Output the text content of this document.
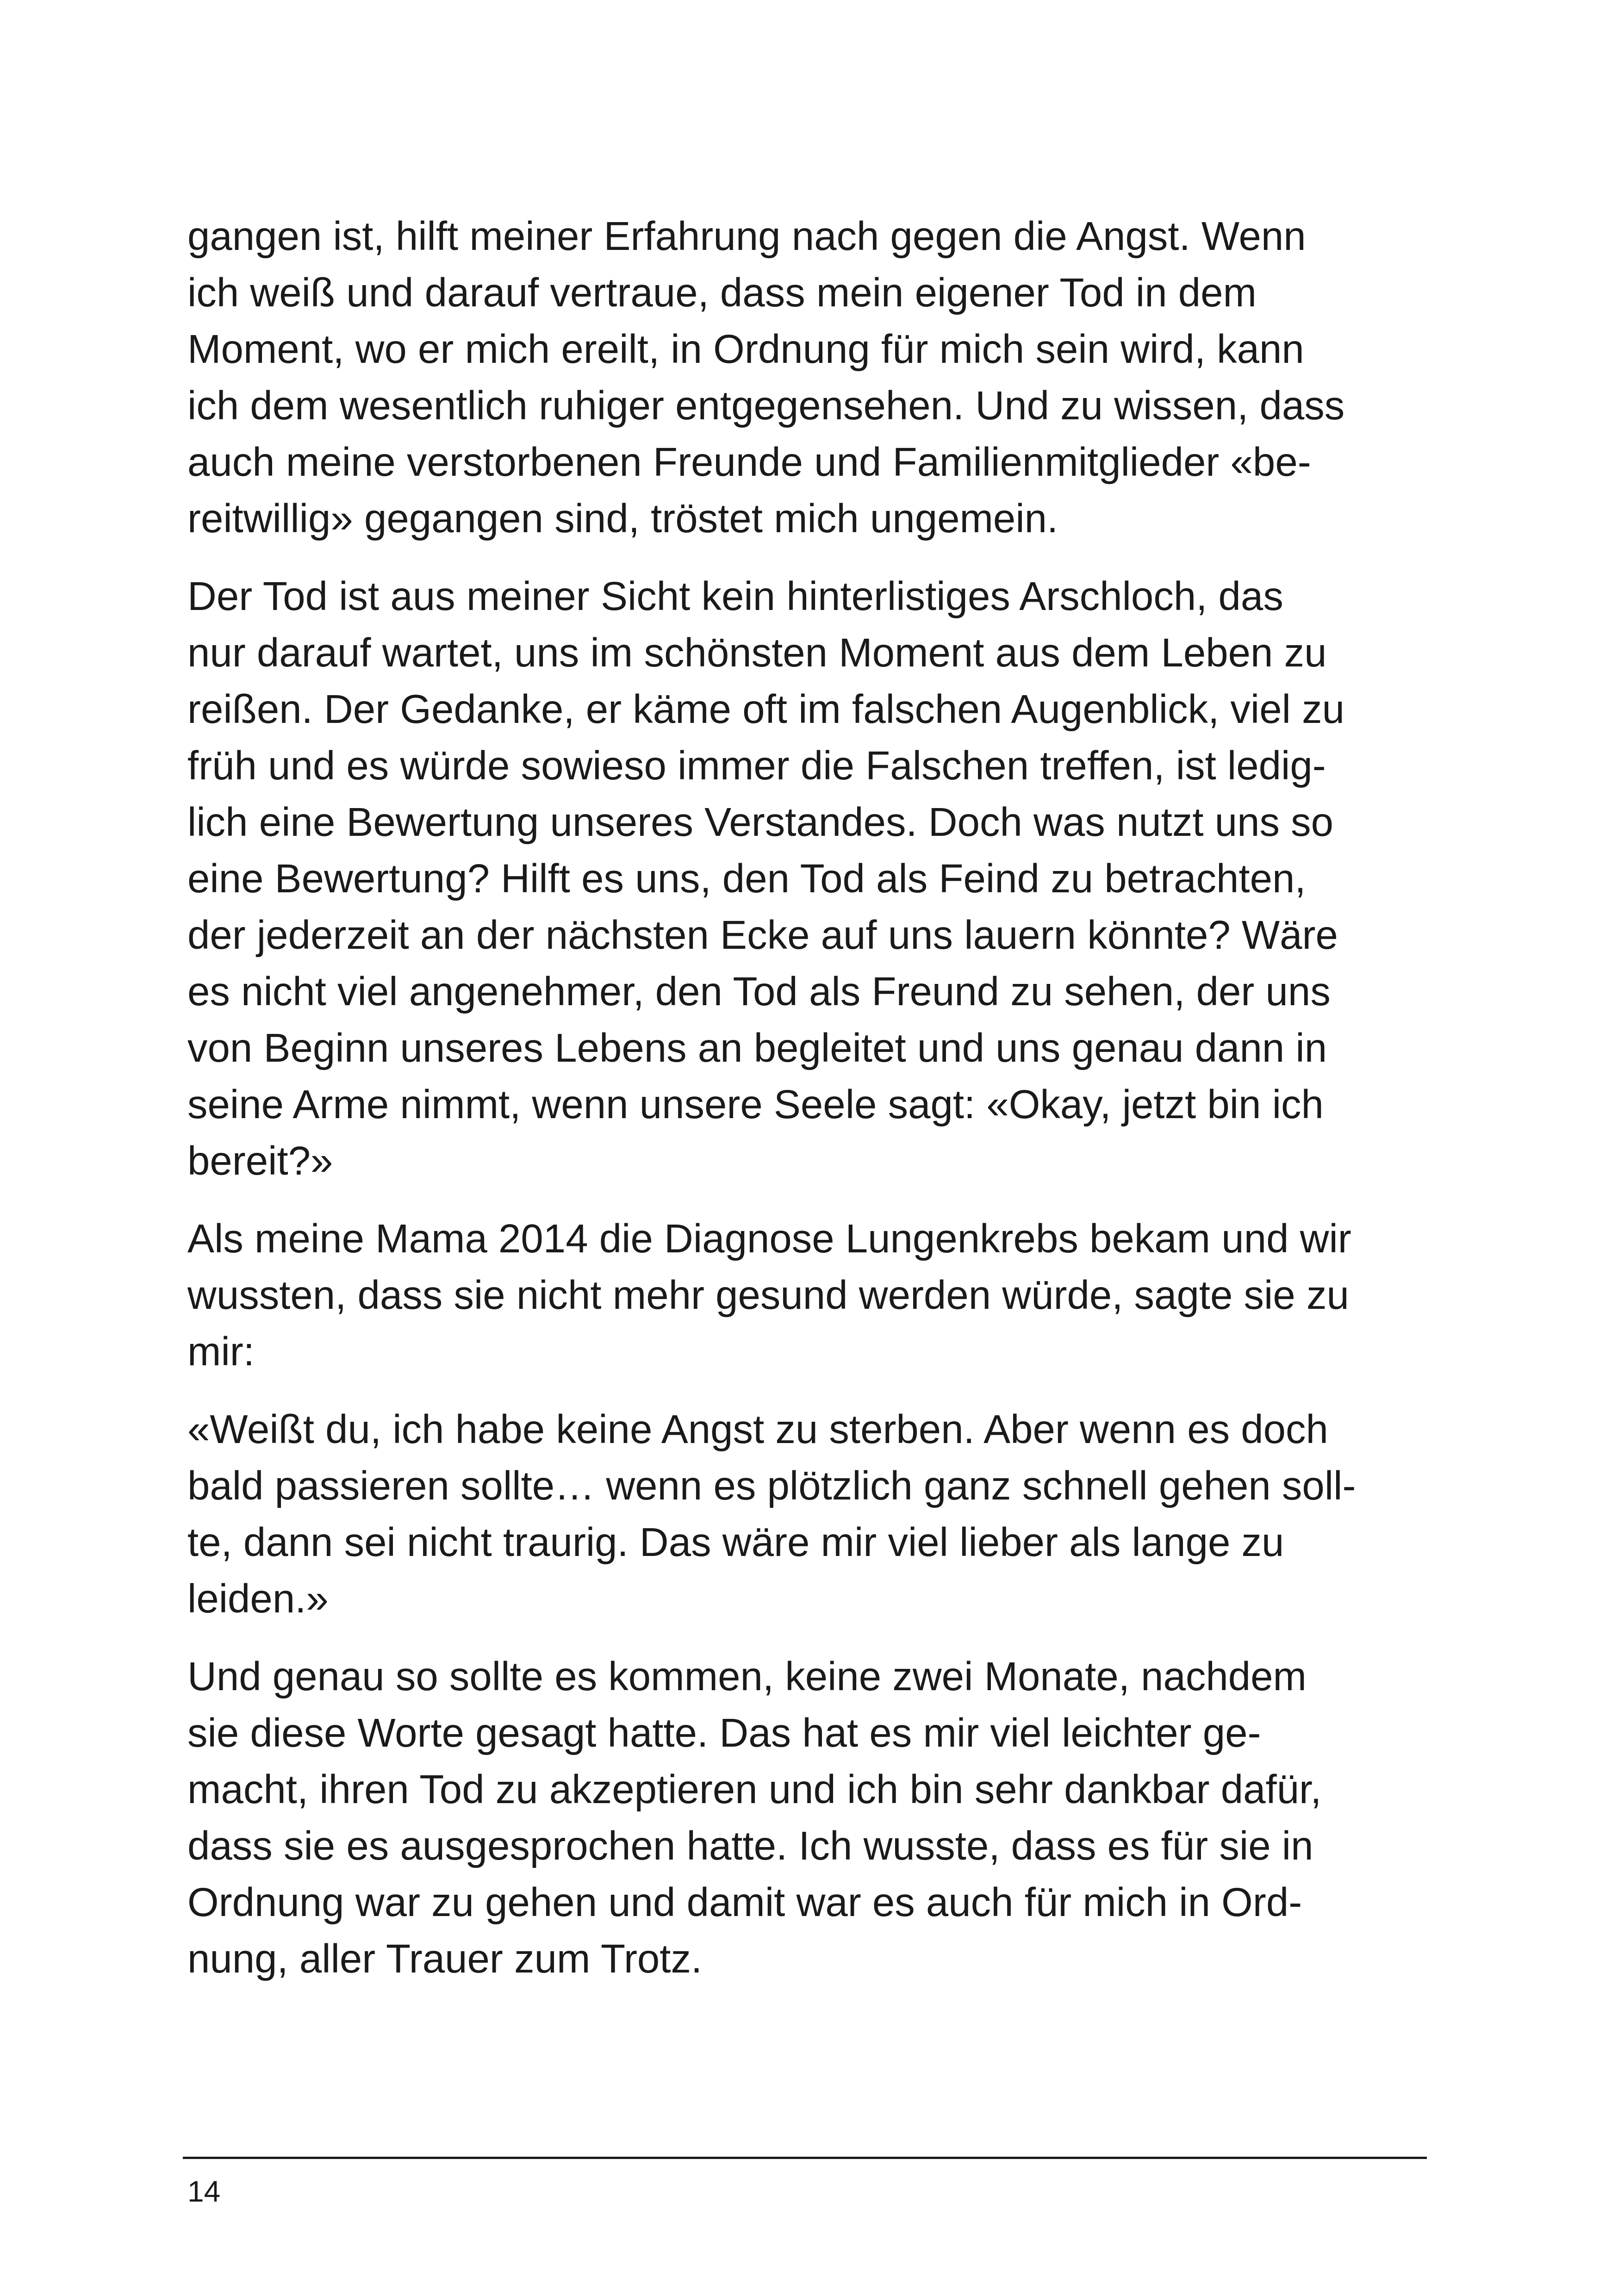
gangen ist, hilft meiner Erfahrung nach gegen die Angst. Wenn
ich weiß und darauf vertraue, dass mein eigener Tod in dem
Moment, wo er mich ereilt, in Ordnung für mich sein wird, kann
ich dem wesentlich ruhiger entgegensehen. Und zu wissen, dass
auch meine verstorbenen Freunde und Familienmitglieder «be-
reitwillig» gegangen sind, tröstet mich ungemein.

Der Tod ist aus meiner Sicht kein hinterlistiges Arschloch, das
nur darauf wartet, uns im schönsten Moment aus dem Leben zu
reißen. Der Gedanke, er käme oft im falschen Augenblick, viel zu
früh und es würde sowieso immer die Falschen treffen, ist ledig-
lich eine Bewertung unseres Verstandes. Doch was nutzt uns so
eine Bewertung? Hilft es uns, den Tod als Feind zu betrachten,
der jederzeit an der nächsten Ecke auf uns lauern könnte? Wäre
es nicht viel angenehmer, den Tod als Freund zu sehen, der uns
von Beginn unseres Lebens an begleitet und uns genau dann in
seine Arme nimmt, wenn unsere Seele sagt: «Okay, jetzt bin ich
bereit?»

Als meine Mama 2014 die Diagnose Lungenkrebs bekam und wir
wussten, dass sie nicht mehr gesund werden würde, sagte sie zu
mir:

«Weißt du, ich habe keine Angst zu sterben. Aber wenn es doch
bald passieren sollte… wenn es plötzlich ganz schnell gehen soll-
te, dann sei nicht traurig. Das wäre mir viel lieber als lange zu
leiden.»

Und genau so sollte es kommen, keine zwei Monate, nachdem
sie diese Worte gesagt hatte. Das hat es mir viel leichter ge-
macht, ihren Tod zu akzeptieren und ich bin sehr dankbar dafür,
dass sie es ausgesprochen hatte. Ich wusste, dass es für sie in
Ordnung war zu gehen und damit war es auch für mich in Ord-
nung, aller Trauer zum Trotz.

14
